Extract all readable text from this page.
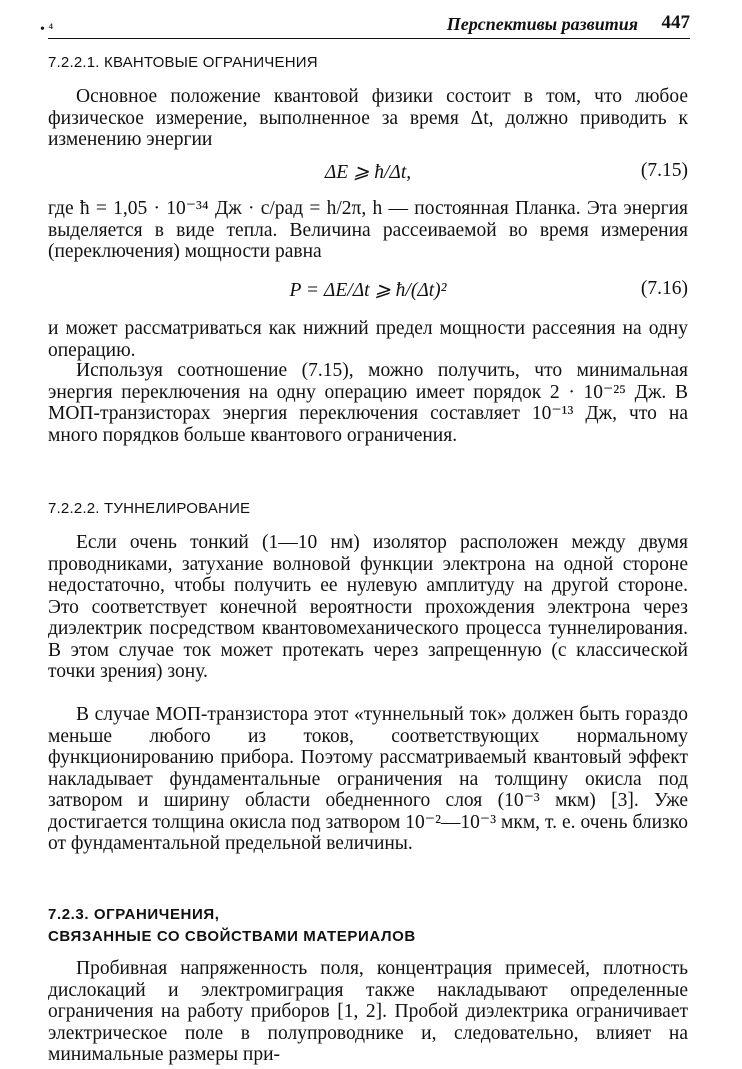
• ⁴	Перспективы развития 447
7.2.2.1. КВАНТОВЫЕ ОГРАНИЧЕНИЯ

Основное положение квантовой физики состоит в том, что любое физическое измерение, выполненное за время Δt, должно приводить к изменению энергии

ΔE ⩾ ħ/Δt,	(7.15)

где ħ = 1,05 · 10⁻³⁴ Дж · с/рад = h/2π, h — постоянная Планка. Эта энергия выделяется в виде тепла. Величина рассеиваемой во время измерения (переключения) мощности равна

P = ΔE/Δt ⩾ ħ/(Δt)²	(7.16)

и может рассматриваться как нижний предел мощности рассеяния на одну операцию.

Используя соотношение (7.15), можно получить, что минимальная энергия переключения на одну операцию имеет порядок 2 · 10⁻²⁵ Дж. В МОП-транзисторах энергия переключения составляет 10⁻¹³ Дж, что на много порядков больше квантового ограничения.

7.2.2.2. ТУННЕЛИРОВАНИЕ

Если очень тонкий (1—10 нм) изолятор расположен между двумя проводниками, затухание волновой функции электрона на одной стороне недостаточно, чтобы получить ее нулевую амплитуду на другой стороне. Это соответствует конечной вероятности прохождения электрона через диэлектрик посредством квантовомеханического процесса туннелирования. В этом случае ток может протекать через запрещенную (с классической точки зрения) зону.

В случае МОП-транзистора этот «туннельный ток» должен быть гораздо меньше любого из токов, соответствующих нормальному функционированию прибора. Поэтому рассматриваемый квантовый эффект накладывает фундаментальные ограничения на толщину окисла под затвором и ширину области обедненного слоя (10⁻³ мкм) [3]. Уже достигается толщина окисла под затвором 10⁻²—10⁻³ мкм, т. е. очень близко от фундаментальной предельной величины.

7.2.3. ОГРАНИЧЕНИЯ,
СВЯЗАННЫЕ СО СВОЙСТВАМИ МАТЕРИАЛОВ

Пробивная напряженность поля, концентрация примесей, плотность дислокаций и электромиграция также накладывают определенные ограничения на работу приборов [1, 2]. Пробой диэлектрика ограничивает электрическое поле в полупроводнике и, следовательно, влияет на минимальные размеры при-
